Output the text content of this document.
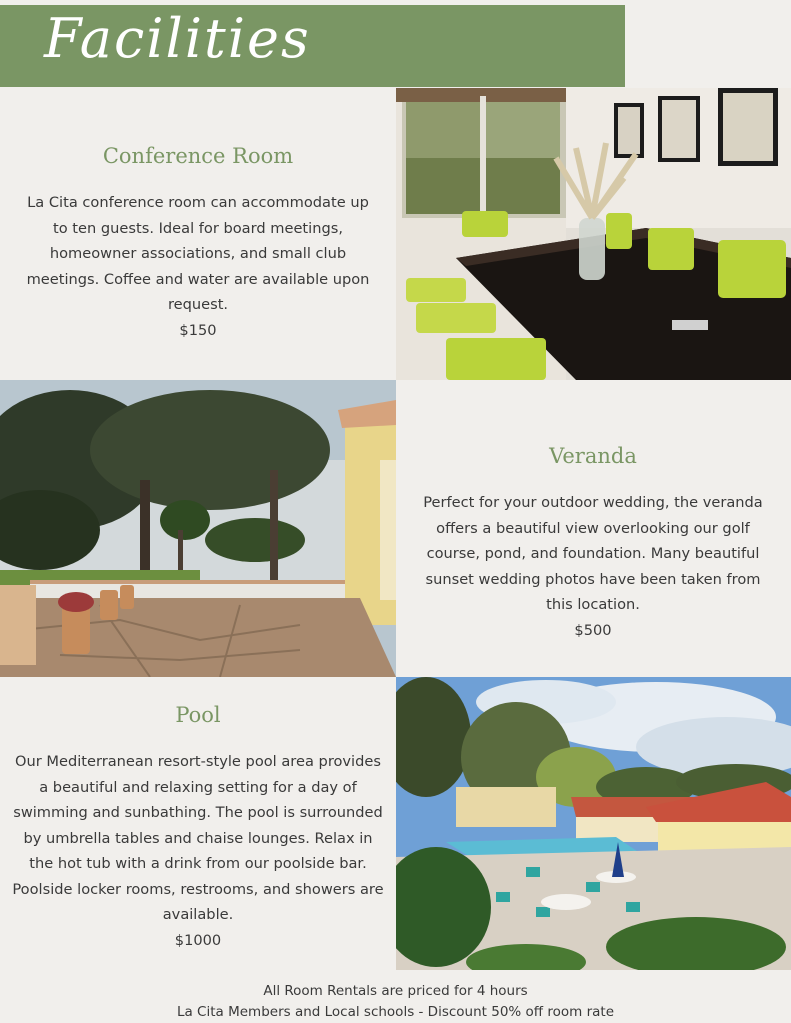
Facilities
Conference Room

La Cita conference room can accommodate up to ten guests. Ideal for board meetings, homeowner associations, and small club meetings. Coffee and water are available upon request.

$150

Veranda

Perfect for your outdoor wedding, the veranda offers a beautiful view overlooking our golf course, pond, and foundation. Many beautiful sunset wedding photos have been taken from this location.

$500

Pool

Our Mediterranean resort-style pool area provides a beautiful and relaxing setting for a day of swimming and sunbathing. The pool is surrounded by umbrella tables and chaise lounges. Relax in the hot tub with a drink from our poolside bar. Poolside locker rooms, restrooms, and showers are available.

$1000

All Room Rentals are priced for 4 hours
La Cita Members and Local schools - Discount 50% off room rate
